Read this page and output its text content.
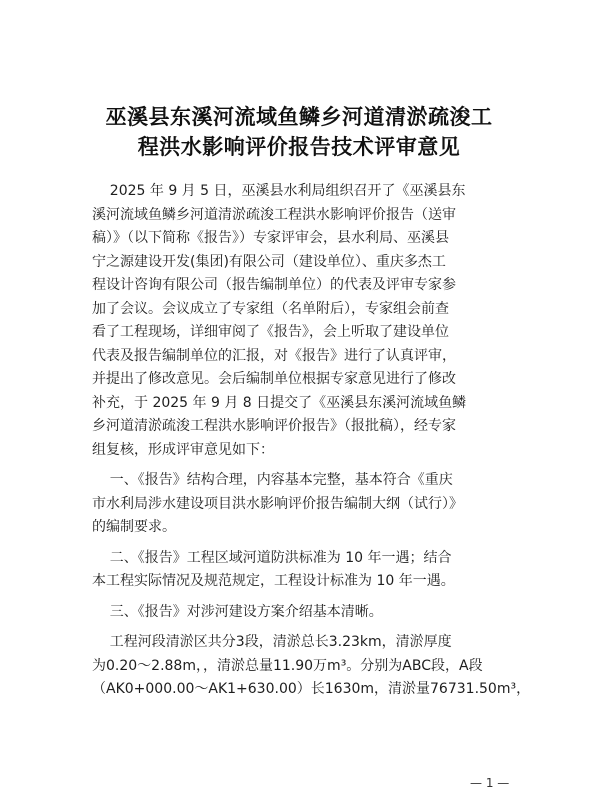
巫溪县东溪河流域鱼鳞乡河道清淤疏浚工
程洪水影响评价报告技术评审意见
2025 年 9 月 5 日，巫溪县水利局组织召开了《巫溪县东
溪河流域鱼鳞乡河道清淤疏浚工程洪水影响评价报告（送审
稿）》（以下简称《报告》）专家评审会，县水利局、巫溪县
宁之源建设开发(集团)有限公司（建设单位）、重庆多杰工
程设计咨询有限公司（报告编制单位）的代表及评审专家参
加了会议。会议成立了专家组（名单附后），专家组会前查
看了工程现场，详细审阅了《报告》，会上听取了建设单位
代表及报告编制单位的汇报，对《报告》进行了认真评审，
并提出了修改意见。会后编制单位根据专家意见进行了修改
补充，于 2025 年 9 月 8 日提交了《巫溪县东溪河流域鱼鳞
乡河道清淤疏浚工程洪水影响评价报告》（报批稿），经专家
组复核，形成评审意见如下：
一、《报告》结构合理，内容基本完整，基本符合《重庆
市水利局涉水建设项目洪水影响评价报告编制大纲（试行）》
的编制要求。
二、《报告》工程区域河道防洪标准为 10 年一遇；结合
本工程实际情况及规范规定，工程设计标准为 10 年一遇。
三、《报告》对涉河建设方案介绍基本清晰。
工程河段清淤区共分3段，清淤总长3.23km，清淤厚度
为0.20～2.88m，，清淤总量11.90万m³。分别为ABC段，A段
（AK0+000.00～AK1+630.00）长1630m，清淤量76731.50m³，
— 1 —
